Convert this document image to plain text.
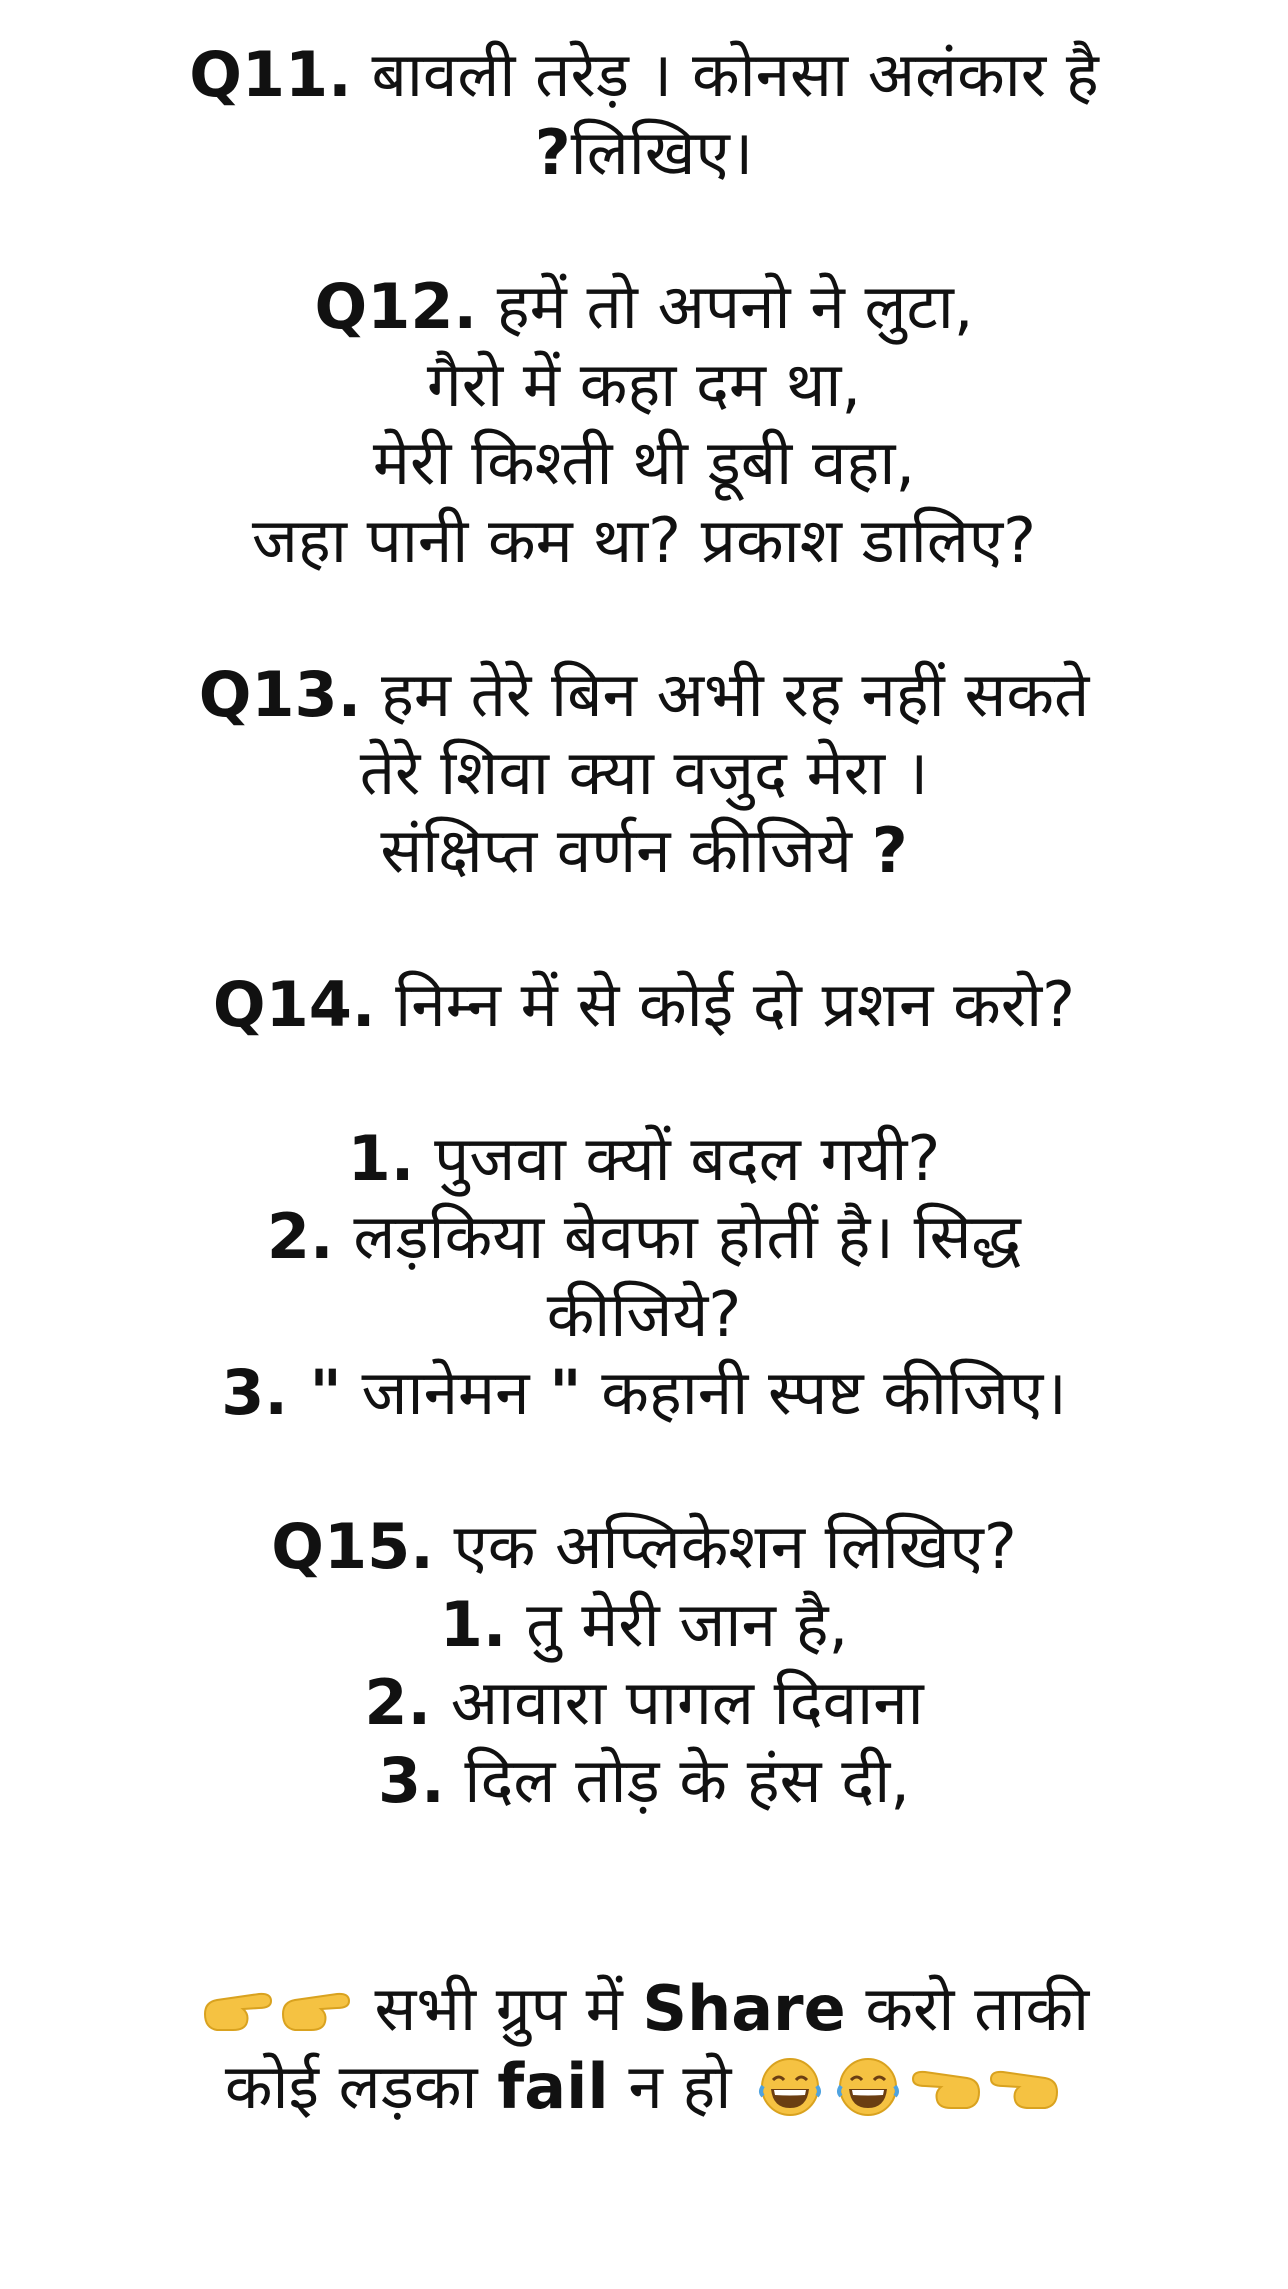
Q11. बावली तरेड़ । कोनसा अलंकार है
?लिखिए।
Q12. हमें तो अपनो ने लुटा,
गैरो में कहा दम था,
मेरी किश्ती थी डूबी वहा,
जहा पानी कम था? प्रकाश डालिए?
Q13. हम तेरे बिन अभी रह नहीं सकते
तेरे शिवा क्या वजुद मेरा ।
संक्षिप्त वर्णन कीजिये ?
Q14. निम्न में से कोई दो प्रशन करो?
1. पुजवा क्यों बदल गयी?
2. लड़किया बेवफा होतीं है। सिद्ध
कीजिये?
3. " जानेमन " कहानी स्पष्ट कीजिए।
Q15. एक अप्लिकेशन लिखिए?
1. तु मेरी जान है,
2. आवारा पागल दिवाना
3. दिल तोड़ के हंस दी,
सभी ग्रुप में Share करो ताकी
कोई लड़का fail न हो
